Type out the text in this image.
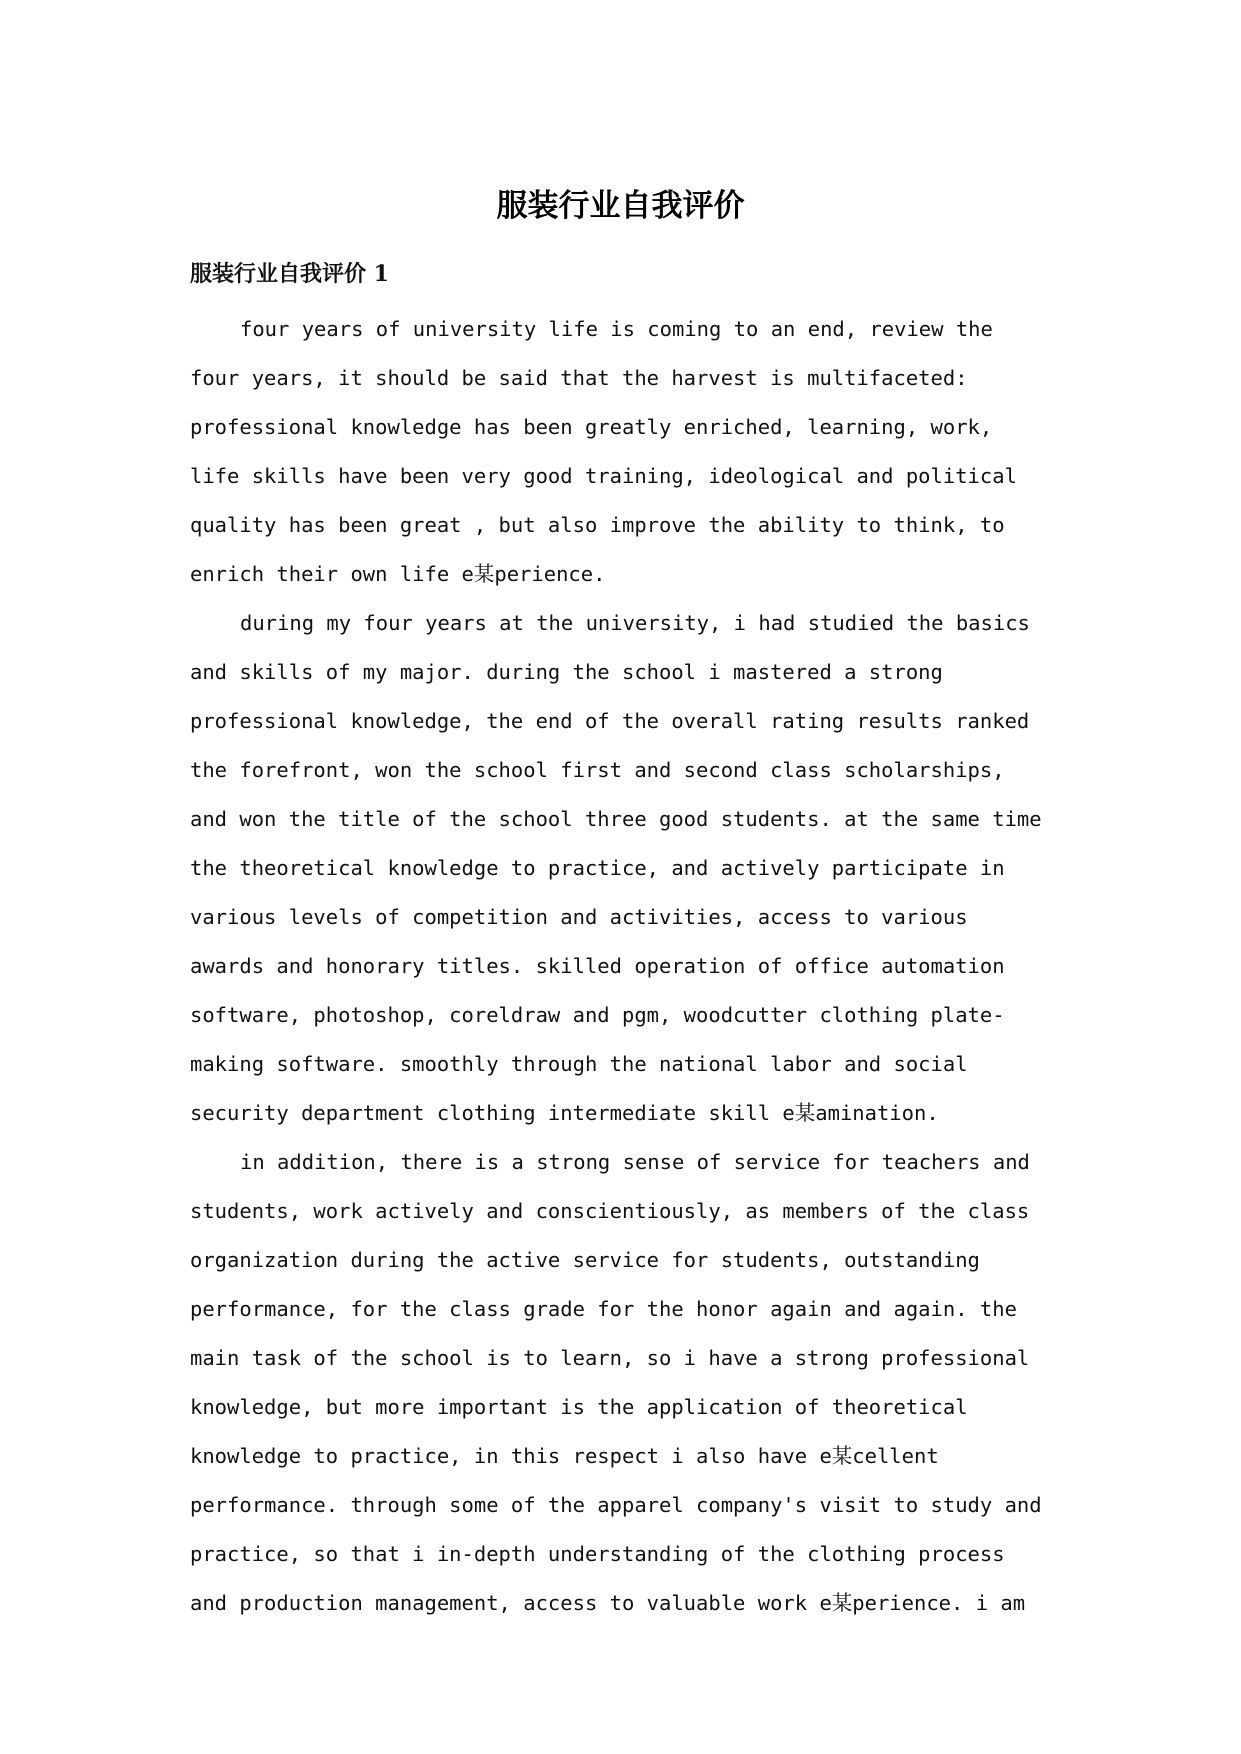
服装行业自我评价
服装行业自我评价 1

four years of university life is coming to an end, review the
four years, it should be said that the harvest is multifaceted:
professional knowledge has been greatly enriched, learning, work,
life skills have been very good training, ideological and political
quality has been great , but also improve the ability to think, to
enrich their own life e某perience.

during my four years at the university, i had studied the basics
and skills of my major. during the school i mastered a strong
professional knowledge, the end of the overall rating results ranked
the forefront, won the school first and second class scholarships,
and won the title of the school three good students. at the same time
the theoretical knowledge to practice, and actively participate in
various levels of competition and activities, access to various
awards and honorary titles. skilled operation of office automation
software, photoshop, coreldraw and pgm, woodcutter clothing plate-
making software. smoothly through the national labor and social
security department clothing intermediate skill e某amination.

in addition, there is a strong sense of service for teachers and
students, work actively and conscientiously, as members of the class
organization during the active service for students, outstanding
performance, for the class grade for the honor again and again. the
main task of the school is to learn, so i have a strong professional
knowledge, but more important is the application of theoretical
knowledge to practice, in this respect i also have e某cellent
performance. through some of the apparel company's visit to study and
practice, so that i in-depth understanding of the clothing process
and production management, access to valuable work e某perience. i am
